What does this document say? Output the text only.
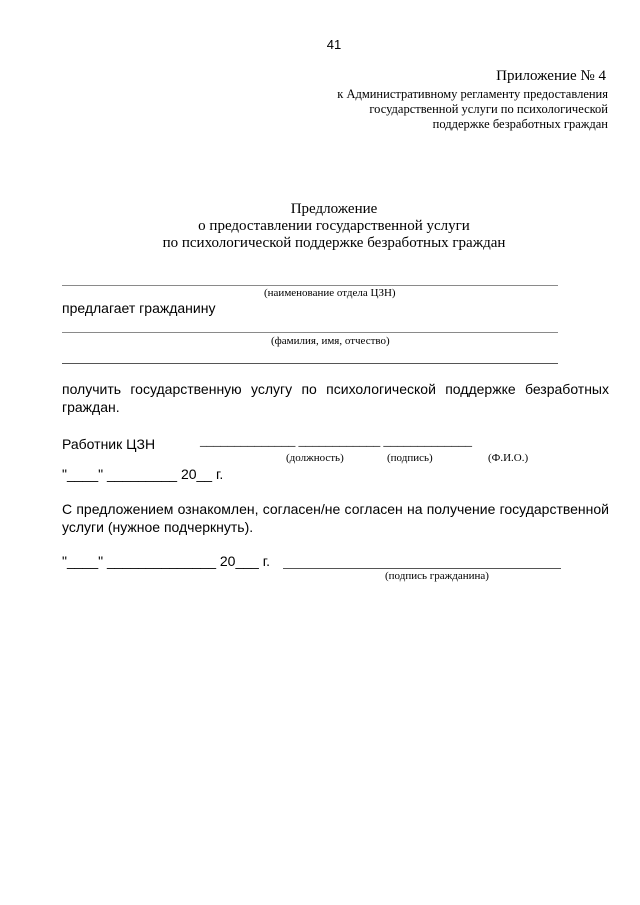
41
Приложение № 4
к Административному регламенту предоставления
государственной услуги по психологической
поддержке безработных граждан
Предложение
о предоставлении государственной услуги
по психологической поддержке безработных граждан
(наименование отдела ЦЗН)
предлагает гражданину
(фамилия, имя, отчество)
получить государственную услугу по психологической поддержке безработных
граждан.
Работник ЦЗН	______________ ____________ _____________
(должность)	(подпись)	(Ф.И.О.)
"____" _________ 20__ г.
С предложением ознакомлен, согласен/не согласен на получение государственной
услуги (нужное подчеркнуть).
"____" ______________ 20___ г.
(подпись гражданина)
